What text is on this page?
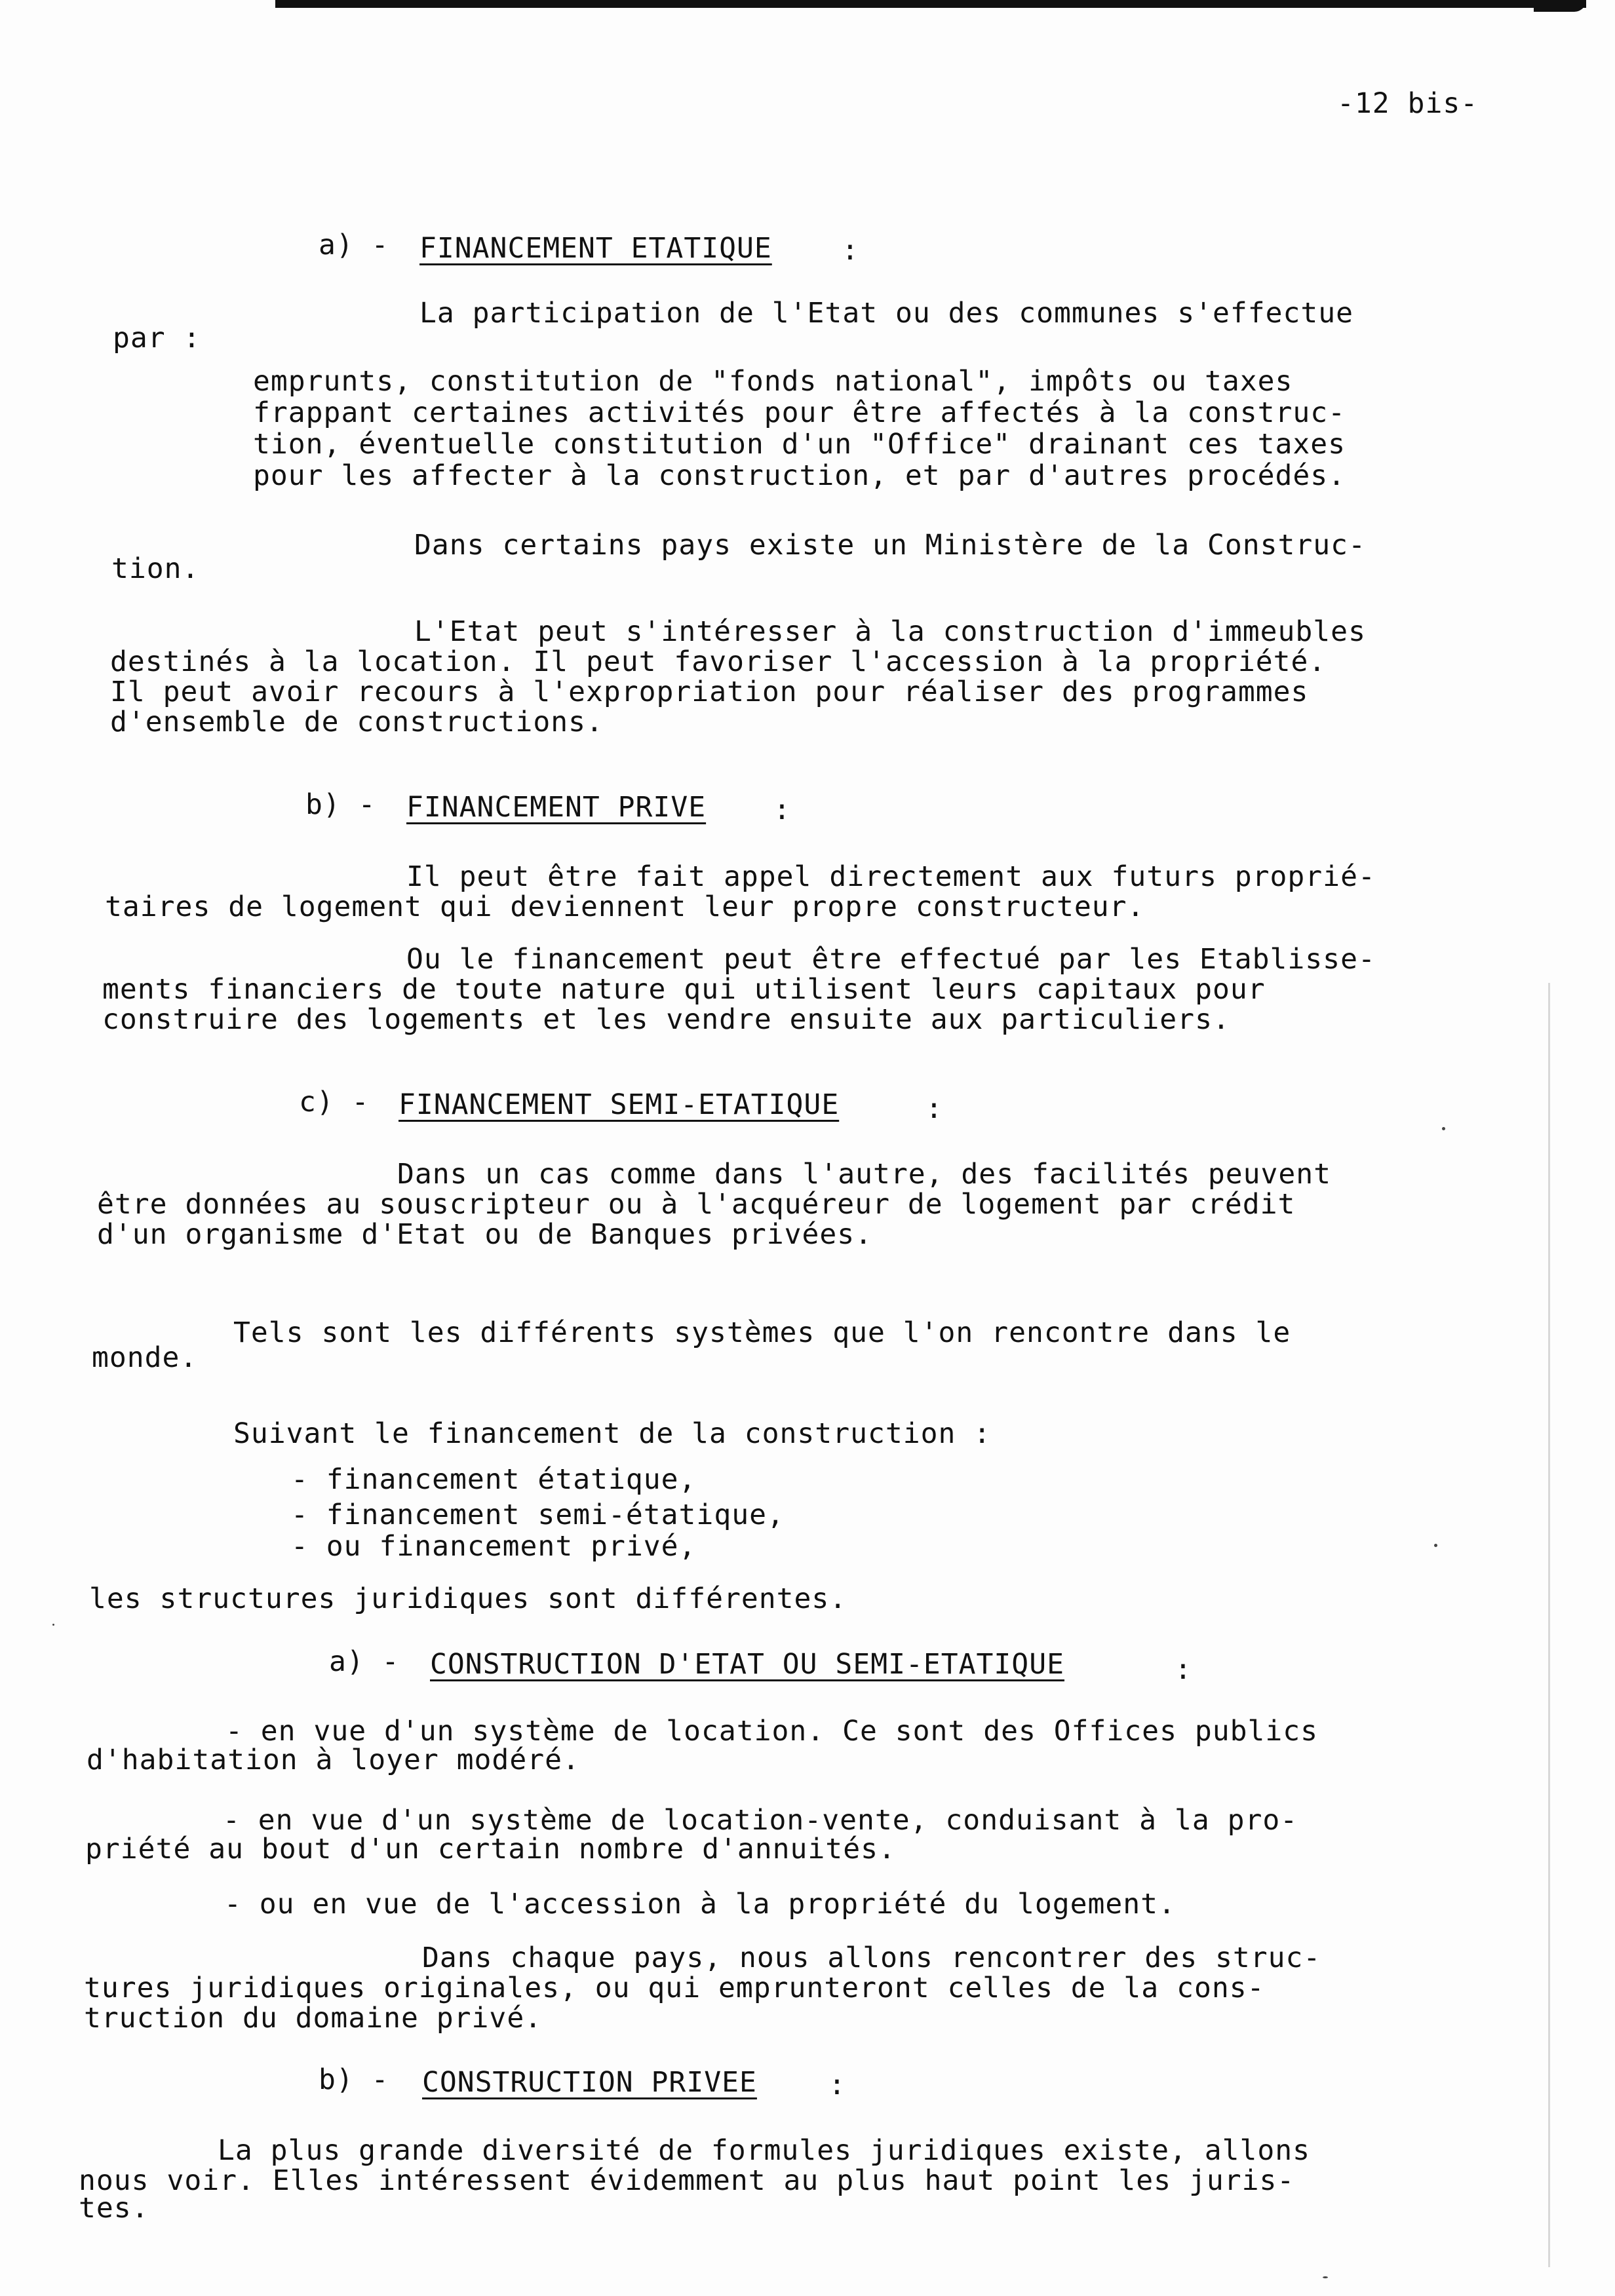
-12 bis-
a) - FINANCEMENT ETATIQUE :
La participation de l'Etat ou des communes s'effectue
par :
emprunts, constitution de "fonds national", impôts ou taxes
frappant certaines activités pour être affectés à la construc-
tion, éventuelle constitution d'un "Office" drainant ces taxes
pour les affecter à la construction, et par d'autres procédés.
Dans certains pays existe un Ministère de la Construc-
tion.
L'Etat peut s'intéresser à la construction d'immeubles
destinés à la location. Il peut favoriser l'accession à la propriété.
Il peut avoir recours à l'expropriation pour réaliser des programmes
d'ensemble de constructions.
b) - FINANCEMENT PRIVE :
Il peut être fait appel directement aux futurs proprié-
taires de logement qui deviennent leur propre constructeur.
Ou le financement peut être effectué par les Etablisse-
ments financiers de toute nature qui utilisent leurs capitaux pour
construire des logements et les vendre ensuite aux particuliers.
c) - FINANCEMENT SEMI-ETATIQUE	:
Dans un cas comme dans l'autre, des facilités peuvent
être données au souscripteur ou à l'acquéreur de logement par crédit
d'un organisme d'Etat ou de Banques privées.
Tels sont les différents systèmes que l'on rencontre dans le
monde.
Suivant le financement de la construction :
- financement étatique,
- financement semi-étatique,
- ou financement privé,
les structures juridiques sont différentes.
a) - CONSTRUCTION D'ETAT OU SEMI-ETATIQUE	:
- en vue d'un système de location. Ce sont des Offices publics
d'habitation à loyer modéré.
- en vue d'un système de location-vente, conduisant à la pro-
priété au bout d'un certain nombre d'annuités.
- ou en vue de l'accession à la propriété du logement.
Dans chaque pays, nous allons rencontrer des struc-
tures juridiques originales, ou qui emprunteront celles de la cons-
truction du domaine privé.
b) - CONSTRUCTION PRIVEE	:
La plus grande diversité de formules juridiques existe, allons
nous voir. Elles intéressent évidemment au plus haut point les juris-
tes.
